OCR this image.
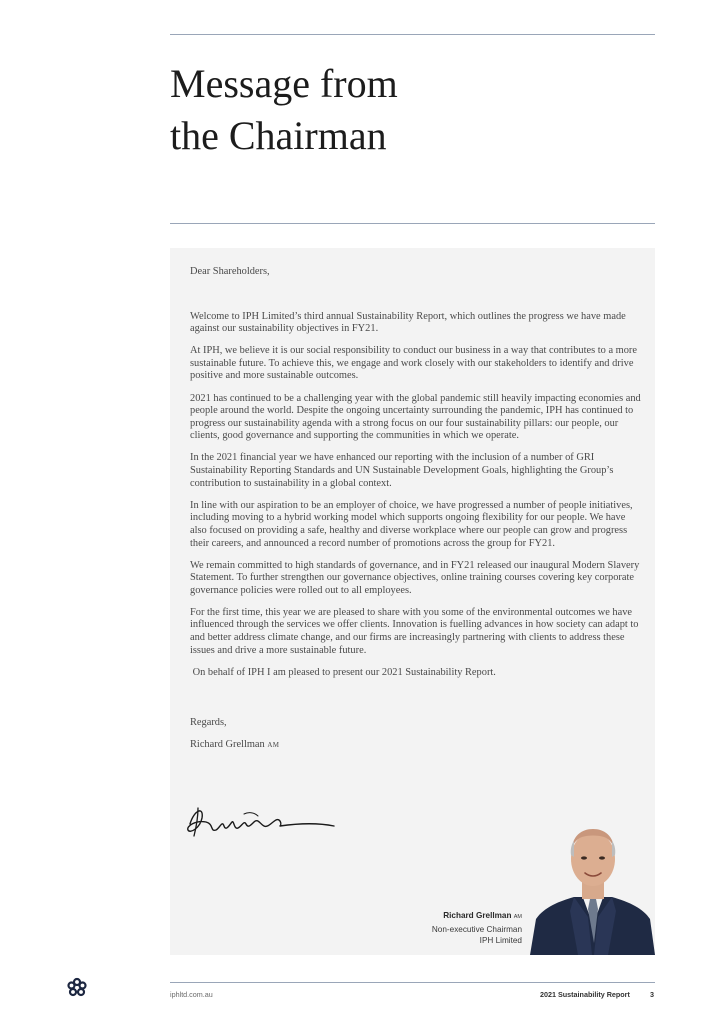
Message from
the Chairman

Dear Shareholders,

Welcome to IPH Limited’s third annual Sustainability Report, which outlines the progress we have made against our sustainability objectives in FY21.

At IPH, we believe it is our social responsibility to conduct our business in a way that contributes to a more sustainable future. To achieve this, we engage and work closely with our stakeholders to identify and drive positive and more sustainable outcomes.

2021 has continued to be a challenging year with the global pandemic still heavily impacting economies and people around the world. Despite the ongoing uncertainty surrounding the pandemic, IPH has continued to progress our sustainability agenda with a strong focus on our four sustainability pillars: our people, our clients, good governance and supporting the communities in which we operate.

In the 2021 financial year we have enhanced our reporting with the inclusion of a number of GRI Sustainability Reporting Standards and UN Sustainable Development Goals, highlighting the Group’s contribution to sustainability in a global context.

In line with our aspiration to be an employer of choice, we have progressed a number of people initiatives, including moving to a hybrid working model which supports ongoing flexibility for our people. We have also focused on providing a safe, healthy and diverse workplace where our people can grow and progress their careers, and announced a record number of promotions across the group for FY21.

We remain committed to high standards of governance, and in FY21 released our inaugural Modern Slavery Statement. To further strengthen our governance objectives, online training courses covering key corporate governance policies were rolled out to all employees.

For the first time, this year we are pleased to share with you some of the environmental outcomes we have influenced through the services we offer clients. Innovation is fuelling advances in how society can adapt to and better address climate change, and our firms are increasingly partnering with clients to address these issues and drive a more sustainable future.

On behalf of IPH I am pleased to present our 2021 Sustainability Report.

Regards,

Richard Grellman AM

Richard Grellman AM
Non-executive Chairman
IPH Limited
iphltd.com.au	2021 Sustainability Report	3
